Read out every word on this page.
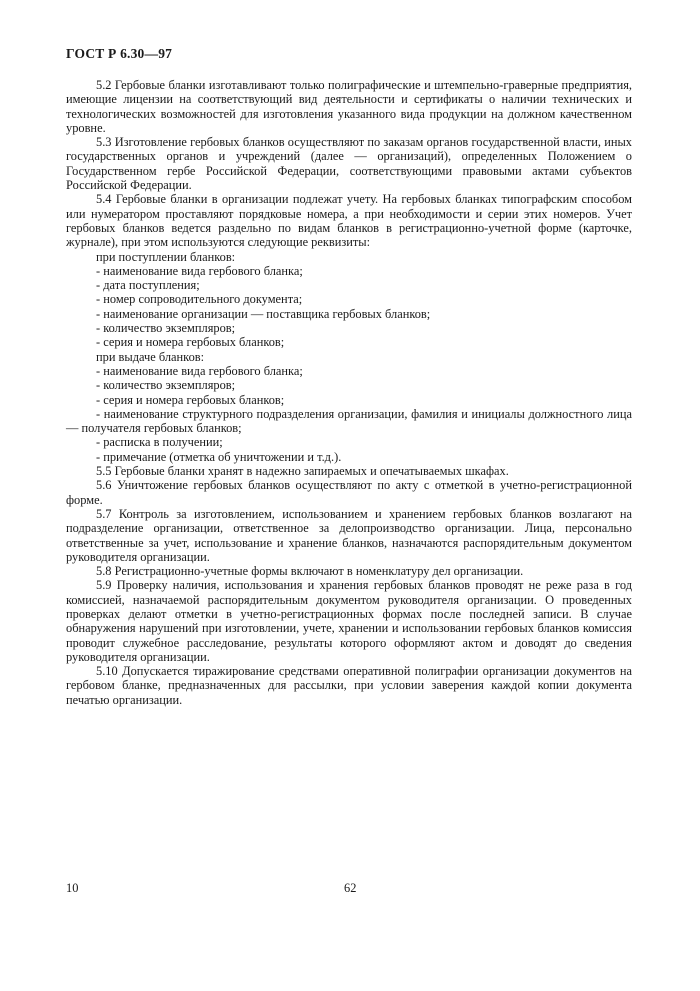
ГОСТ Р 6.30—97

5.2 Гербовые бланки изготавливают только полиграфические и штемпельно-граверные предприятия, имеющие лицензии на соответствующий вид деятельности и сертификаты о наличии технических и технологических возможностей для изготовления указанного вида продукции на должном качественном уровне.

5.3 Изготовление гербовых бланков осуществляют по заказам органов государственной власти, иных государственных органов и учреждений (далее — организаций), определенных Положением о Государственном гербе Российской Федерации, соответствующими правовыми актами субъектов Российской Федерации.

5.4 Гербовые бланки в организации подлежат учету. На гербовых бланках типографским способом или нумератором проставляют порядковые номера, а при необходимости и серии этих номеров. Учет гербовых бланков ведется раздельно по видам бланков в регистрационно-учетной форме (карточке, журнале), при этом используются следующие реквизиты:

при поступлении бланков:

- наименование вида гербового бланка;

- дата поступления;

- номер сопроводительного документа;

- наименование организации — поставщика гербовых бланков;

- количество экземпляров;

- серия и номера гербовых бланков;

при выдаче бланков:

- наименование вида гербового бланка;

- количество экземпляров;

- серия и номера гербовых бланков;

- наименование структурного подразделения организации, фамилия и инициалы должностного лица — получателя гербовых бланков;

- расписка в получении;

- примечание (отметка об уничтожении и т.д.).

5.5 Гербовые бланки хранят в надежно запираемых и опечатываемых шкафах.

5.6 Уничтожение гербовых бланков осуществляют по акту с отметкой в учетно-регистрационной форме.

5.7 Контроль за изготовлением, использованием и хранением гербовых бланков возлагают на подразделение организации, ответственное за делопроизводство организации. Лица, персонально ответственные за учет, использование и хранение бланков, назначаются распорядительным документом руководителя организации.

5.8 Регистрационно-учетные формы включают в номенклатуру дел организации.

5.9 Проверку наличия, использования и хранения гербовых бланков проводят не реже раза в год комиссией, назначаемой распорядительным документом руководителя организации. О проведенных проверках делают отметки в учетно-регистрационных формах после последней записи. В случае обнаружения нарушений при изготовлении, учете, хранении и использовании гербовых бланков комиссия проводит служебное расследование, результаты которого оформляют актом и доводят до сведения руководителя организации.

5.10 Допускается тиражирование средствами оперативной полиграфии организации документов на гербовом бланке, предназначенных для рассылки, при условии заверения каждой копии документа печатью организации.

10	62
